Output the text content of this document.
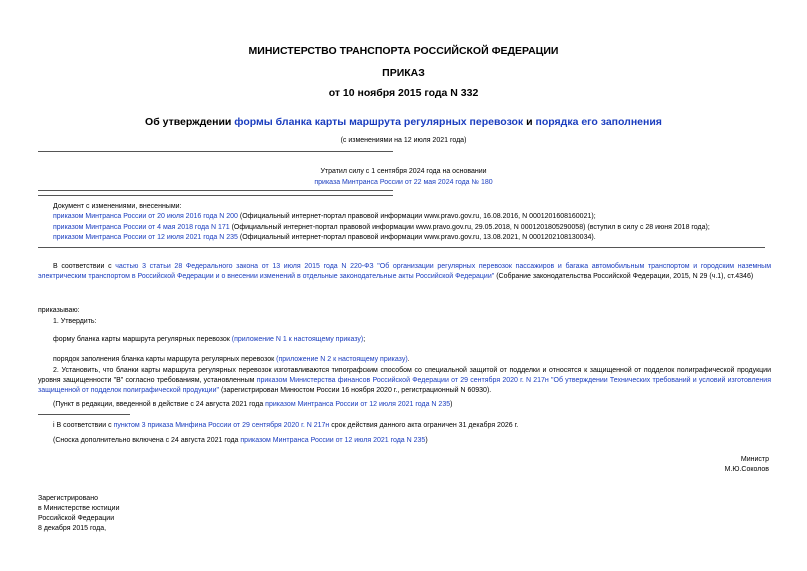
МИНИСТЕРСТВО ТРАНСПОРТА РОССИЙСКОЙ ФЕДЕРАЦИИ
ПРИКАЗ
от 10 ноября 2015 года N 332
Об утверждении формы бланка карты маршрута регулярных перевозок и порядка его заполнения
(с изменениями на 12 июля 2021 года)
Утратил силу с 1 сентября 2024 года на основании
приказа Минтранса России от 22 мая 2024 года № 180
Документ с изменениями, внесенными:
приказом Минтранса России от 20 июля 2016 года N 200 (Официальный интернет-портал правовой информации www.pravo.gov.ru, 16.08.2016, N 0001201608160021);
приказом Минтранса России от 4 мая 2018 года N 171 (Официальный интернет-портал правовой информации www.pravo.gov.ru, 29.05.2018, N 0001201805290058) (вступил в силу с 28 июня 2018 года);
приказом Минтранса России от 12 июля 2021 года N 235 (Официальный интернет-портал правовой информации www.pravo.gov.ru, 13.08.2021, N 0001202108130034).
В соответствии с частью 3 статьи 28 Федерального закона от 13 июля 2015 года N 220-ФЗ "Об организации регулярных перевозок пассажиров и багажа автомобильным транспортом и городским наземным электрическим транспортом в Российской Федерации и о внесении изменений в отдельные законодательные акты Российской Федерации" (Собрание законодательства Российской Федерации, 2015, N 29 (ч.1), ст.4346)
приказываю:
1. Утвердить:
форму бланка карты маршрута регулярных перевозок (приложение N 1 к настоящему приказу);
порядок заполнения бланка карты маршрута регулярных перевозок (приложение N 2 к настоящему приказу).
2. Установить, что бланки карты маршрута регулярных перевозок изготавливаются типографским способом со специальной защитой от подделки и относятся к защищенной от подделок полиграфической продукции уровня защищенности "В" согласно требованиям, установленным приказом Министерства финансов Российской Федерации от 29 сентября 2020 г. N 217н "Об утверждении Технических требований и условий изготовления защищенной от подделок полиграфической продукции" (зарегистрирован Минюстом России 16 ноября 2020 г., регистрационный N 60930).
(Пункт в редакции, введенной в действие с 24 августа 2021 года приказом Минтранса России от 12 июля 2021 года N 235)
i В соответствии с пунктом 3 приказа Минфина России от 29 сентября 2020 г. N 217н срок действия данного акта ограничен 31 декабря 2026 г.
(Сноска дополнительно включена с 24 августа 2021 года приказом Минтранса России от 12 июля 2021 года N 235)
Министр
М.Ю.Соколов
Зарегистрировано
в Министерстве юстиции
Российской Федерации
8 декабря 2015 года,
